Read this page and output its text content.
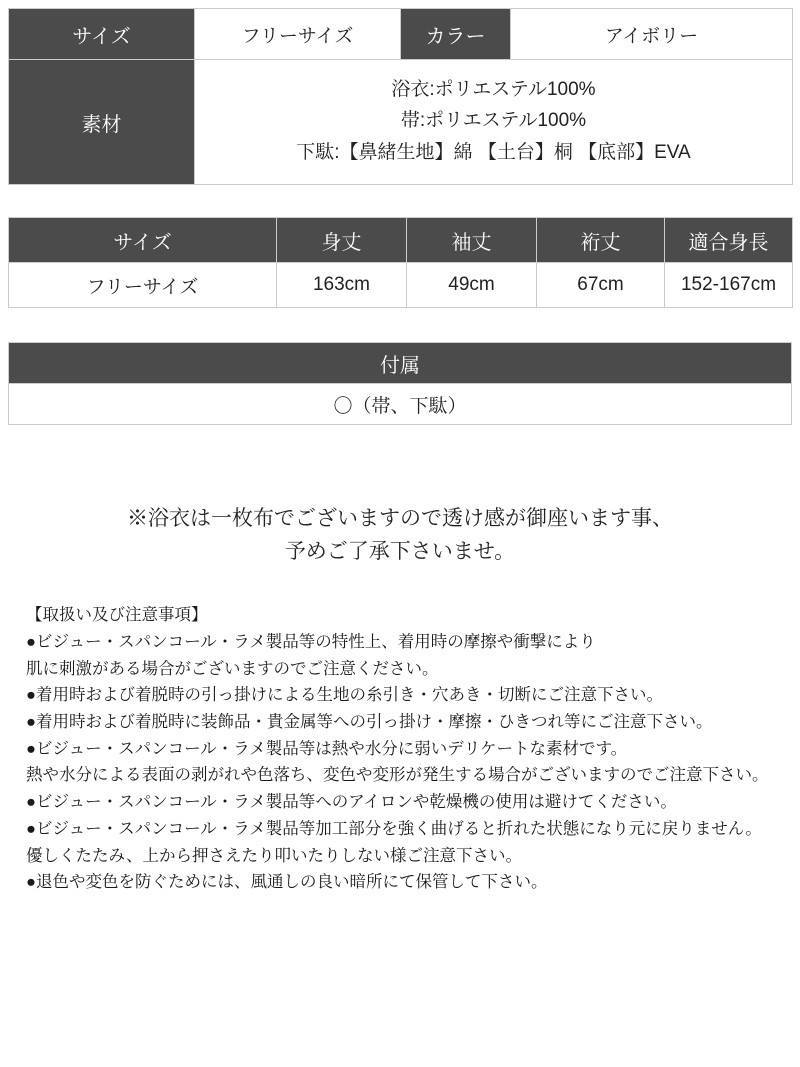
サイズ	フリーサイズ	カラー	アイボリー
素材	浴衣:ポリエステル100%
帯:ポリエステル100%
下駄:【鼻緒生地】綿 【土台】桐 【底部】EVA		
サイズ	身丈	袖丈	裄丈	適合身長
フリーサイズ	163cm	49cm	67cm	152-167cm
付属
〇（帯、下駄）
※浴衣は一枚布でございますので透け感が御座います事、
予めご了承下さいませ。
【取扱い及び注意事項】
●ビジュー・スパンコール・ラメ製品等の特性上、着用時の摩擦や衝撃により
肌に刺激がある場合がございますのでご注意ください。
●着用時および着脱時の引っ掛けによる生地の糸引き・穴あき・切断にご注意下さい。
●着用時および着脱時に装飾品・貴金属等への引っ掛け・摩擦・ひきつれ等にご注意下さい。
●ビジュー・スパンコール・ラメ製品等は熱や水分に弱いデリケートな素材です。
熱や水分による表面の剥がれや色落ち、変色や変形が発生する場合がございますのでご注意下さい。
●ビジュー・スパンコール・ラメ製品等へのアイロンや乾燥機の使用は避けてください。
●ビジュー・スパンコール・ラメ製品等加工部分を強く曲げると折れた状態になり元に戻りません。
優しくたたみ、上から押さえたり叩いたりしない様ご注意下さい。
●退色や変色を防ぐためには、風通しの良い暗所にて保管して下さい。
